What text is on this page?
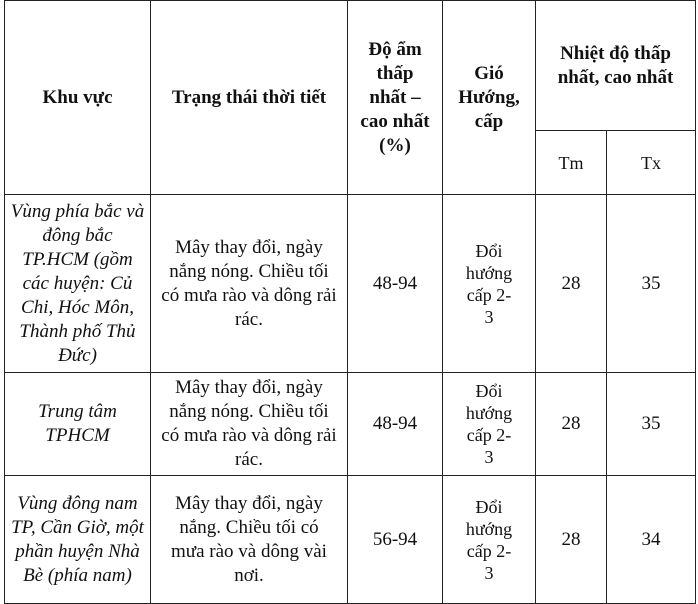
Khu vực	Trạng thái thời tiết	Độ ẩm thấp nhất – cao nhất (%)	Gió Hướng, cấp	Nhiệt độ thấp nhất, cao nhất	
				Tm	Tx
Vùng phía bắc và đông bắc TP.HCM (gồm các huyện: Củ Chi, Hóc Môn, Thành phố Thủ Đức)	Mây thay đổi, ngày nắng nóng. Chiều tối có mưa rào và dông rải rác.	48-94	Đổi hướng cấp 2-3	28	35
Trung tâm TPHCM	Mây thay đổi, ngày nắng nóng. Chiều tối có mưa rào và dông rải rác.	48-94	Đổi hướng cấp 2-3	28	35
Vùng đông nam TP, Cần Giờ, một phần huyện Nhà Bè (phía nam)	Mây thay đổi, ngày nắng. Chiều tối có mưa rào và dông vài nơi.	56-94	Đổi hướng cấp 2-3	28	34
